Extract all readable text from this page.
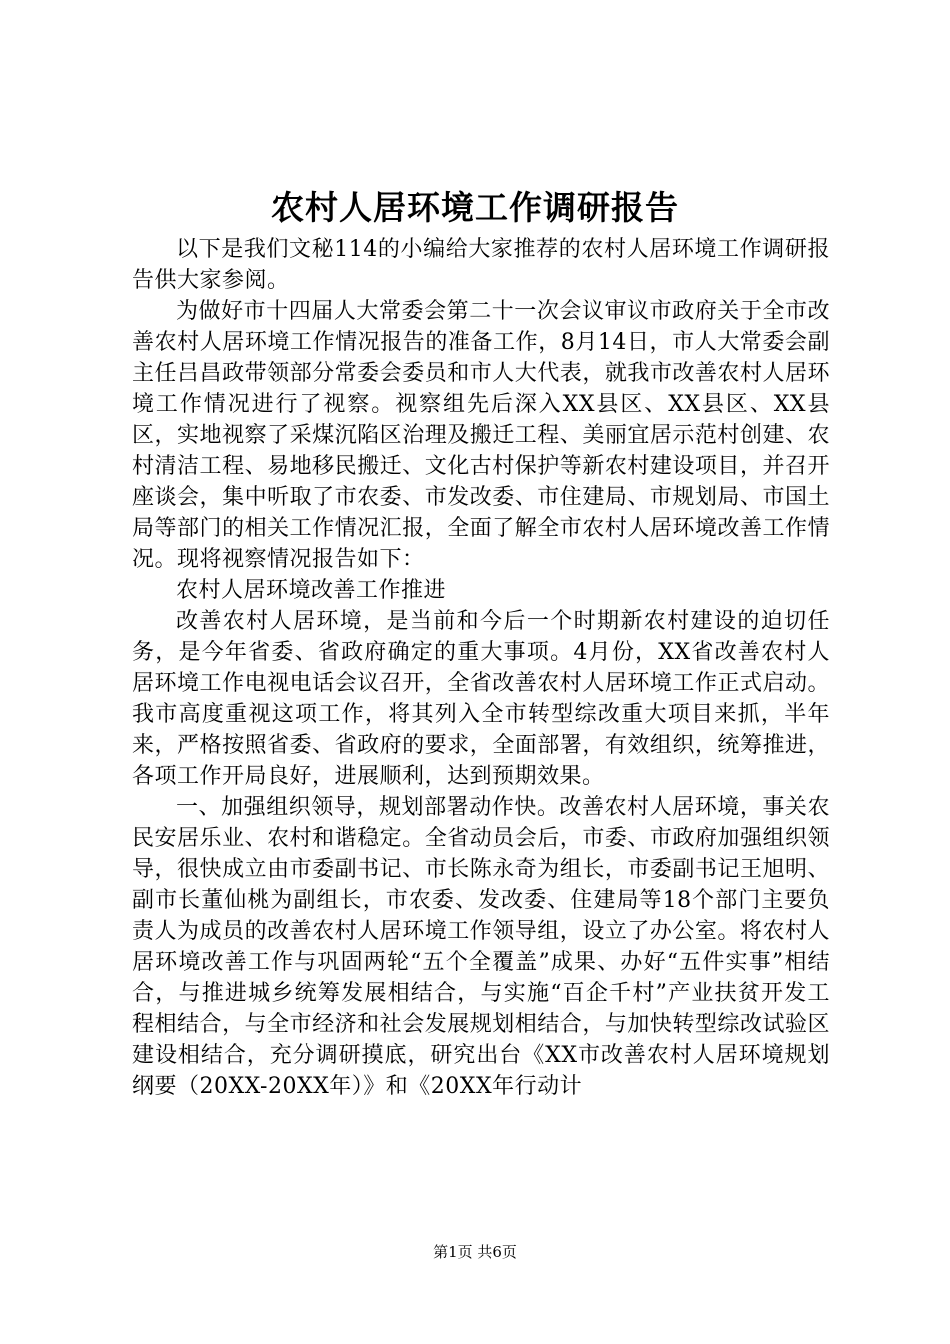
农村人居环境工作调研报告

以下是我们文秘114的小编给大家推荐的农村人居环境工作调研报告供大家参阅。

为做好市十四届人大常委会第二十一次会议审议市政府关于全市改善农村人居环境工作情况报告的准备工作，8月14日，市人大常委会副主任吕昌政带领部分常委会委员和市人大代表，就我市改善农村人居环境工作情况进行了视察。视察组先后深入XX县区、XX县区、XX县区，实地视察了采煤沉陷区治理及搬迁工程、美丽宜居示范村创建、农村清洁工程、易地移民搬迁、文化古村保护等新农村建设项目，并召开座谈会，集中听取了市农委、市发改委、市住建局、市规划局、市国土局等部门的相关工作情况汇报，全面了解全市农村人居环境改善工作情况。现将视察情况报告如下：

农村人居环境改善工作推进

改善农村人居环境，是当前和今后一个时期新农村建设的迫切任务，是今年省委、省政府确定的重大事项。4月份，XX省改善农村人居环境工作电视电话会议召开，全省改善农村人居环境工作正式启动。我市高度重视这项工作，将其列入全市转型综改重大项目来抓，半年来，严格按照省委、省政府的要求，全面部署，有效组织，统筹推进，各项工作开局良好，进展顺利，达到预期效果。

一、加强组织领导，规划部署动作快。改善农村人居环境，事关农民安居乐业、农村和谐稳定。全省动员会后，市委、市政府加强组织领导，很快成立由市委副书记、市长陈永奇为组长，市委副书记王旭明、副市长董仙桃为副组长，市农委、发改委、住建局等18个部门主要负责人为成员的改善农村人居环境工作领导组，设立了办公室。将农村人居环境改善工作与巩固两轮“五个全覆盖”成果、办好“五件实事”相结合，与推进城乡统筹发展相结合，与实施“百企千村”产业扶贫开发工程相结合，与全市经济和社会发展规划相结合，与加快转型综改试验区建设相结合，充分调研摸底，研究出台《XX市改善农村人居环境规划纲要（20XX-20XX年）》和《20XX年行动计

第1页 共6页
